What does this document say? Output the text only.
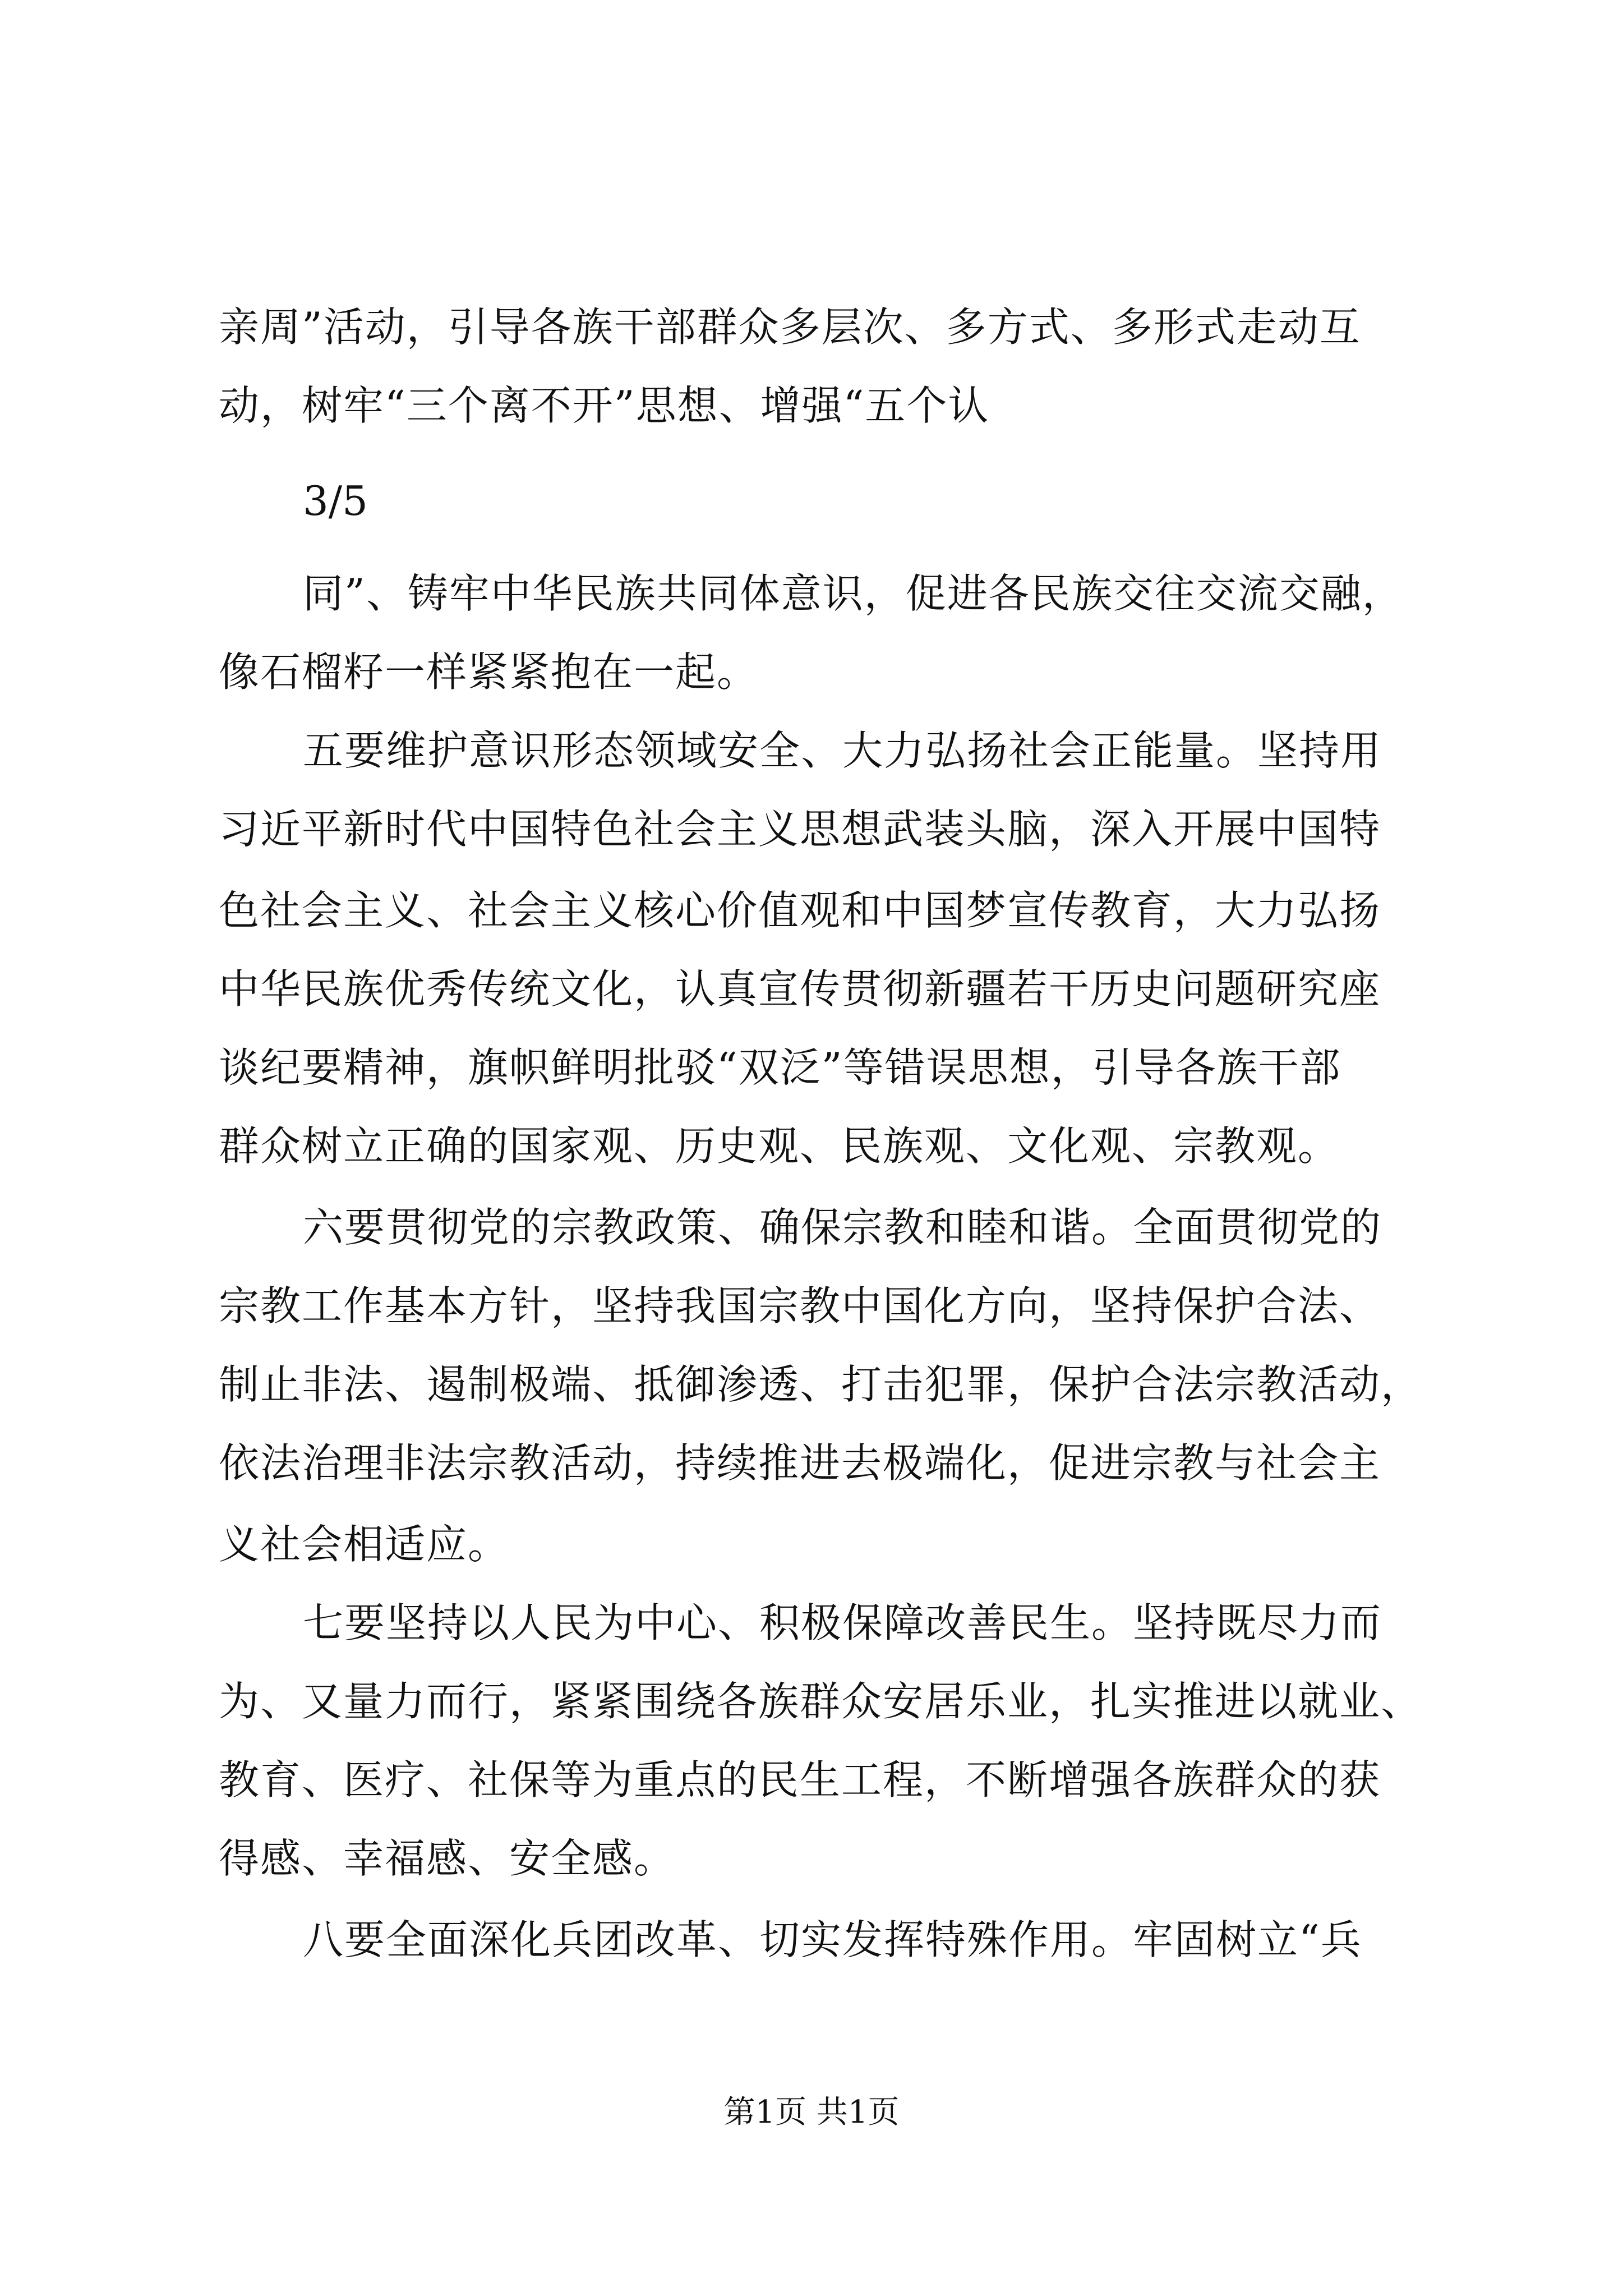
亲周”活动，引导各族干部群众多层次、多方式、多形式走动互
动，树牢“三个离不开”思想、增强“五个认
3/5
同”、铸牢中华民族共同体意识，促进各民族交往交流交融，
像石榴籽一样紧紧抱在一起。
五要维护意识形态领域安全、大力弘扬社会正能量。坚持用
习近平新时代中国特色社会主义思想武装头脑，深入开展中国特
色社会主义、社会主义核心价值观和中国梦宣传教育，大力弘扬
中华民族优秀传统文化，认真宣传贯彻新疆若干历史问题研究座
谈纪要精神，旗帜鲜明批驳“双泛”等错误思想，引导各族干部
群众树立正确的国家观、历史观、民族观、文化观、宗教观。
六要贯彻党的宗教政策、确保宗教和睦和谐。全面贯彻党的
宗教工作基本方针，坚持我国宗教中国化方向，坚持保护合法、
制止非法、遏制极端、抵御渗透、打击犯罪，保护合法宗教活动，
依法治理非法宗教活动，持续推进去极端化，促进宗教与社会主
义社会相适应。
七要坚持以人民为中心、积极保障改善民生。坚持既尽力而
为、又量力而行，紧紧围绕各族群众安居乐业，扎实推进以就业、
教育、医疗、社保等为重点的民生工程，不断增强各族群众的获
得感、幸福感、安全感。
八要全面深化兵团改革、切实发挥特殊作用。牢固树立“兵
第1页 共1页
